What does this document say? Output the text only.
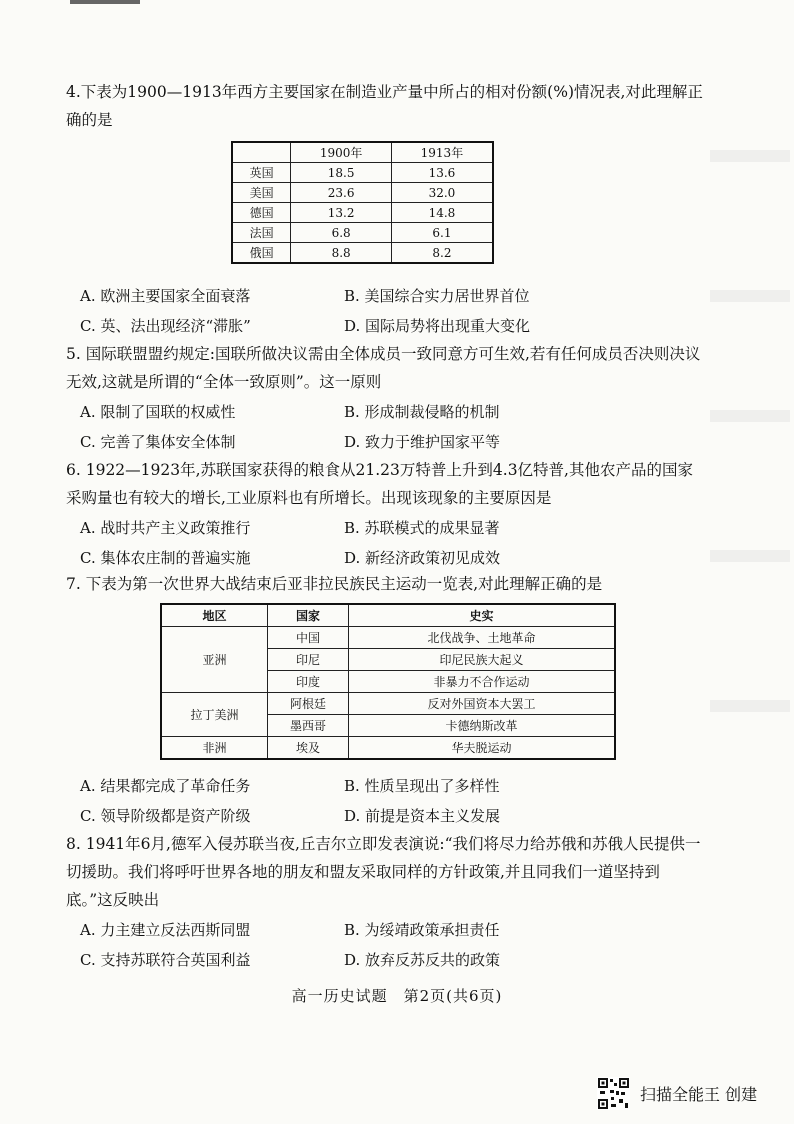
4.下表为1900—1913年西方主要国家在制造业产量中所占的相对份额(%)情况表,对此理解正确的是

	1900年	1913年
英国	18.5	13.6
美国	23.6	32.0
德国	13.2	14.8
法国	6.8	6.1
俄国	8.8	8.2
A. 欧洲主要国家全面衰落	B. 美国综合实力居世界首位
C. 英、法出现经济“滞胀”	D. 国际局势将出现重大变化

5. 国际联盟盟约规定:国联所做决议需由全体成员一致同意方可生效,若有任何成员否决则决议无效,这就是所谓的“全体一致原则”。这一原则

A. 限制了国联的权威性	B. 形成制裁侵略的机制
C. 完善了集体安全体制	D. 致力于维护国家平等

6. 1922—1923年,苏联国家获得的粮食从21.23万特普上升到4.3亿特普,其他农产品的国家采购量也有较大的增长,工业原料也有所增长。出现该现象的主要原因是

A. 战时共产主义政策推行	B. 苏联模式的成果显著
C. 集体农庄制的普遍实施	D. 新经济政策初见成效

7. 下表为第一次世界大战结束后亚非拉民族民主运动一览表,对此理解正确的是

地区	国家	史实
亚洲	中国	北伐战争、土地革命
	印尼	印尼民族大起义
	印度	非暴力不合作运动
拉丁美洲	阿根廷	反对外国资本大罢工
	墨西哥	卡德纳斯改革
非洲	埃及	华夫脱运动
A. 结果都完成了革命任务	B. 性质呈现出了多样性
C. 领导阶级都是资产阶级	D. 前提是资本主义发展

8. 1941年6月,德军入侵苏联当夜,丘吉尔立即发表演说:“我们将尽力给苏俄和苏俄人民提供一切援助。我们将呼吁世界各地的朋友和盟友采取同样的方针政策,并且同我们一道坚持到底。”这反映出

A. 力主建立反法西斯同盟	B. 为绥靖政策承担责任
C. 支持苏联符合英国利益	D. 放弃反苏反共的政策
高一历史试题　第2页(共6页)
扫描全能王 创建
